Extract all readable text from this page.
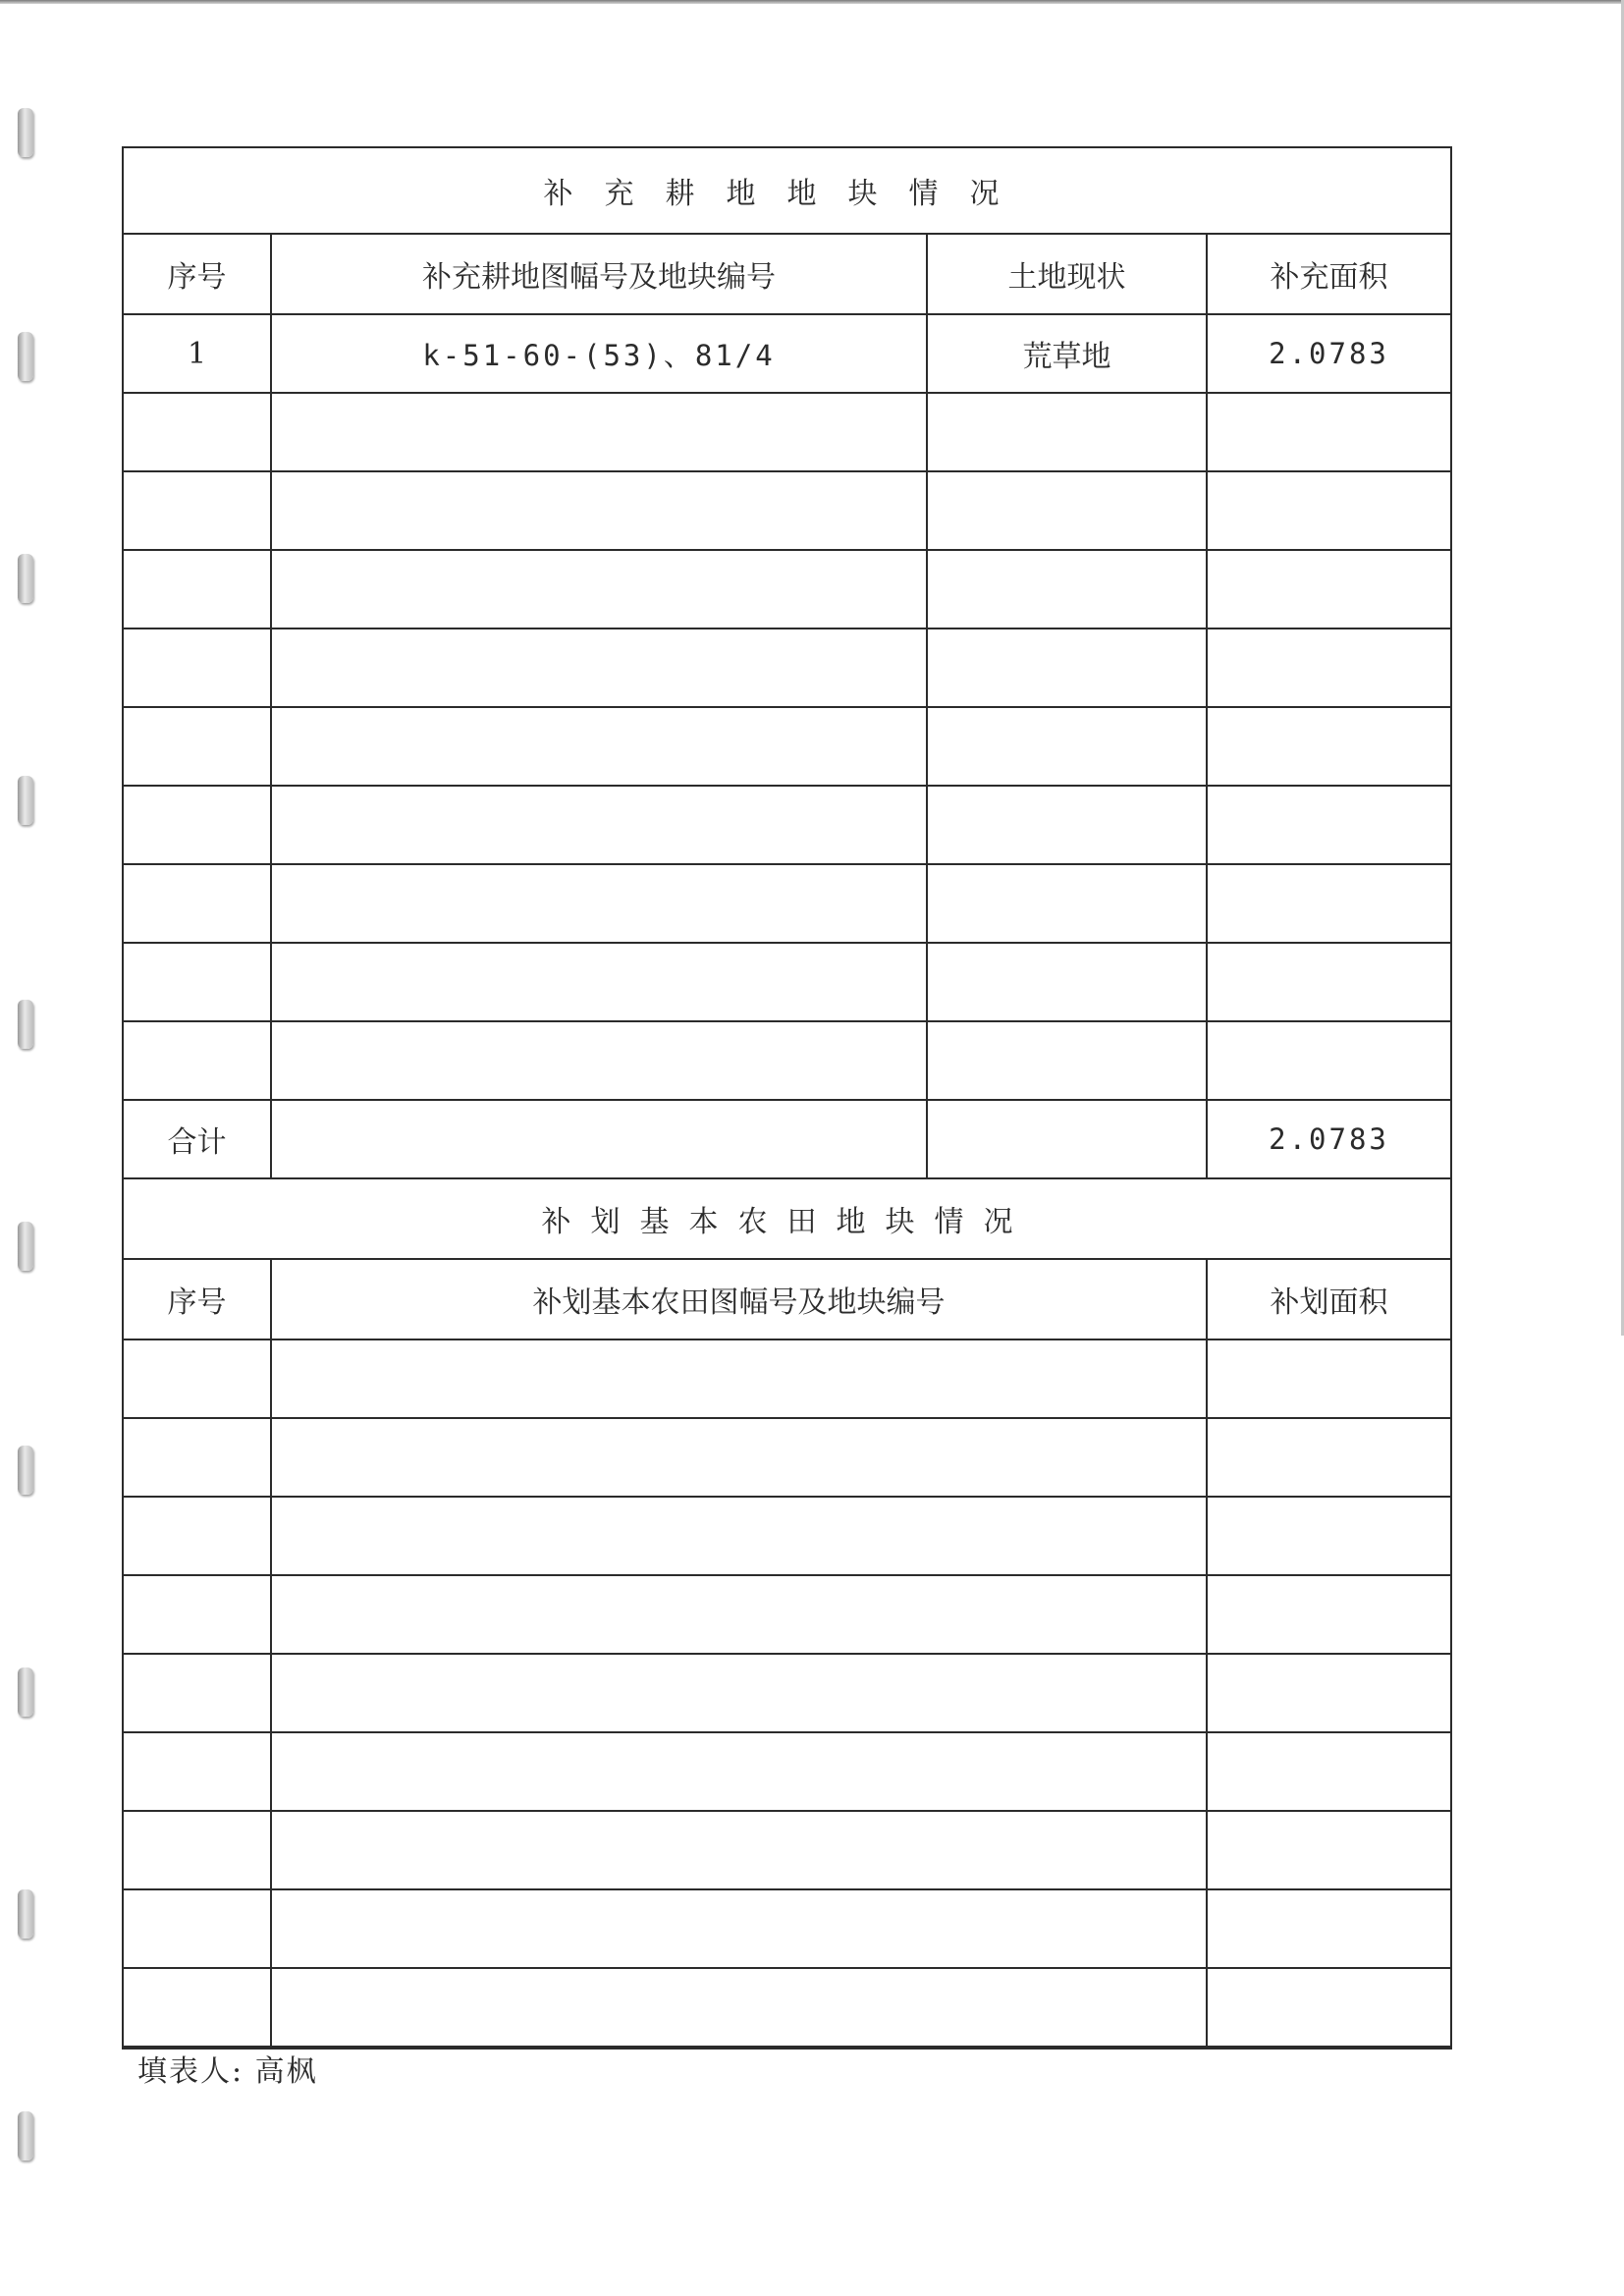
补充耕地地块情况			
序号	补充耕地图幅号及地块编号	土地现状	补充面积
1	k-51-60-(53)、81/4	荒草地	2.0783

合计			2.0783
补划基本农田地块情况		
序号	补划基本农田图幅号及地块编号	补划面积

填表人: 高枫
